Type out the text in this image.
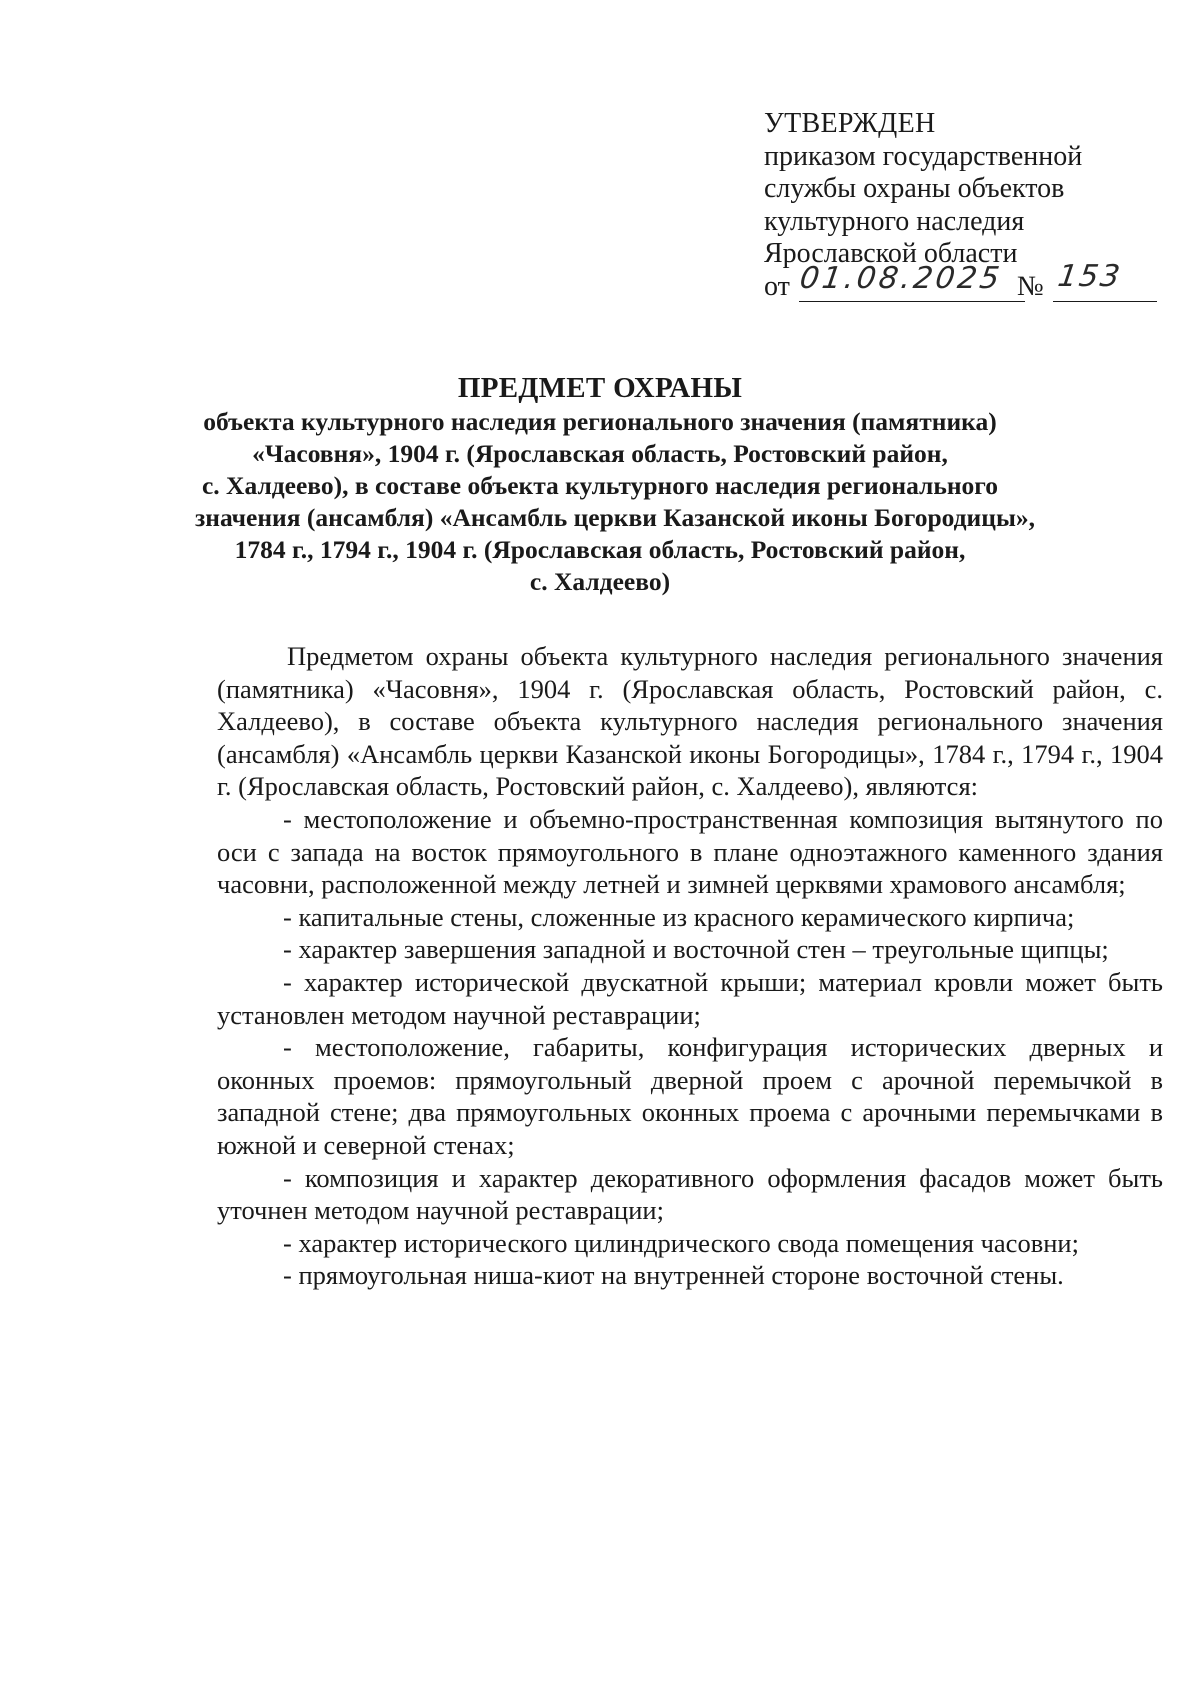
УТВЕРЖДЕН
приказом государственной
службы охраны объектов
культурного наследия
Ярославской области
от 01.08.2025 № 153
ПРЕДМЕТ ОХРАНЫ
объекта культурного наследия регионального значения (памятника)
«Часовня», 1904 г. (Ярославская область, Ростовский район,
с. Халдеево), в составе объекта культурного наследия регионального
значения (ансамбля) «Ансамбль церкви Казанской иконы Богородицы»,
1784 г., 1794 г., 1904 г. (Ярославская область, Ростовский район,
с. Халдеево)

Предметом охраны объекта культурного наследия регионального значения (памятника) «Часовня», 1904 г. (Ярославская область, Ростовский район, с. Халдеево), в составе объекта культурного наследия регионального значения (ансамбля) «Ансамбль церкви Казанской иконы Богородицы», 1784 г., 1794 г., 1904 г. (Ярославская область, Ростовский район, с. Халдеево), являются:

- местоположение и объемно-пространственная композиция вытянутого по оси с запада на восток прямоугольного в плане одноэтажного каменного здания часовни, расположенной между летней и зимней церквями храмового ансамбля;

- капитальные стены, сложенные из красного керамического кирпича;

- характер завершения западной и восточной стен – треугольные щипцы;

- характер исторической двускатной крыши; материал кровли может быть установлен методом научной реставрации;

- местоположение, габариты, конфигурация исторических дверных и оконных проемов: прямоугольный дверной проем с арочной перемычкой в западной стене; два прямоугольных оконных проема с арочными перемычками в южной и северной стенах;

- композиция и характер декоративного оформления фасадов может быть уточнен методом научной реставрации;

- характер исторического цилиндрического свода помещения часовни;

- прямоугольная ниша-киот на внутренней стороне восточной стены.
